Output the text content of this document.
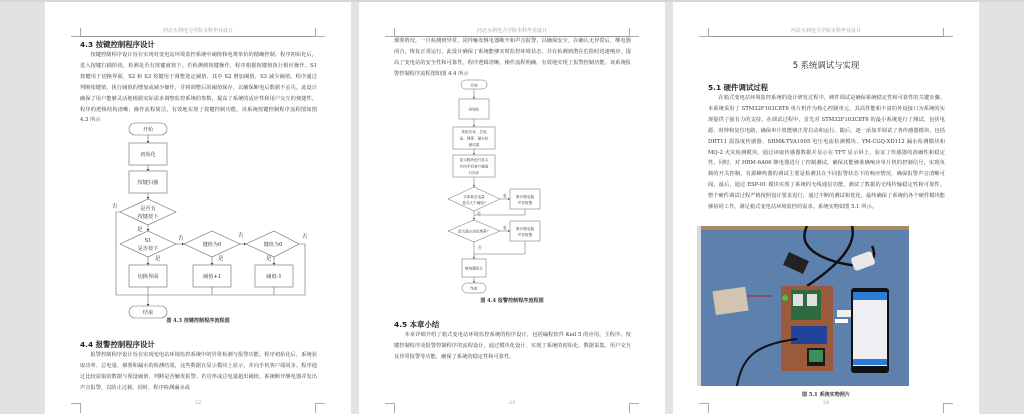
河北水利电力学院本科毕业设计
4.3 按键控制程序设计
按键控制程序设计旨在实现对变电站环境监控系统中阈值和电费单价的精确控制。程序初始化后，进入按键扫描阶段，检测是否有按键被按下。若检测到按键操作，程序根据按键值执行相应操作。S1 按键用于切换界面，S2 和 S3 按键用于调整选定阈值，其中 S2 增加阈值，S3 减少阈值。程序通过判断按键值，执行阈值的增加或减少操作，并将调整后的阈值保存，以确保断电后数据不丢失。此设计确保了用户能够灵活地根据实际需求调整监控系统的参数，提高了系统的适应性和用户交互的便捷性。程序的逻辑结构清晰，操作流程简洁，有效地实现了按键控制功能。该系统按键控制程序流程图如图 4.3 所示
开始
初始化
按键扫描
是否有
按键按下
S1
是否按下
键值为0	键值为0
切换界面	阈值+1	阈值-1
结束
否
是
否
是
否
是
否
是
图 4.3 按键控制程序流程图
4.4 报警控制程序设计
报警控制程序设计旨在实现变电站环境监控系统中的异常检测与报警功能。程序初始化后，系统获取功率、总电量、烟雾和漏水的检测结果，这些数据在显示模块上显示，并向手机客户端同步。程序通过比较获取的数据与预设阈值，判断是否触发报警。若功率或总电量超出阈值，系统断开继电器并发出声音报警，以防止过载。同时，程序检测漏水或
22
河北水利电力学院本科毕业设计
烟雾情况，一旦检测到异常，同样触发继电器断开和声音报警，以确保安全。在确认无异常后，继电器闭合，恢复正常运行。此设计确保了系统能够实时监控环境状态，并在检测到潜在危险时迅速响应，提高了变电站的安全性和可靠性。程序逻辑清晰，操作流程明确，有效地实现了报警控制功能。该系统报警控制程序流程图如图 4.4 所示
开始
初始化
获取功率、总电
量、烟雾、漏水检
测结果
显示模块进行显示
并向手机客户端进
行同步
功率和总电量
是否大于阈值?
断开继电器
声音报警
是否漏水或有烟雾？
断开继电器
声音报警
继电器闭合
结束
是
否
是
否
图 4.4 报警控制程序流程图
4.5 本章小结
本章详细介绍了箱式变电站环境监控系统的程序设计，包括编程软件 Keil 5 的应用，主程序、按键控制程序及报警控制程序的流程设计。通过模块化设计，实现了系统的初始化、数据采集、用户交互及异常报警等功能，确保了系统的稳定性和可靠性。
23
河北水利电力学院本科毕业设计
5 系统调试与实现
5.1 硬件调试过程
在箱式变电站环境监控系统的设计研发过程中，硬件调试是确保系统稳定性和可靠性的关键步骤。本系统采用了 STM32F103C8T6 单片机作为核心控制单元，其高性能和丰富的外设接口为系统的实现提供了强有力的支持。在调试过程中，首先对 STM32F103C8T6 的最小系统进行了测试，包括电源、时钟和复位电路，确保单片机能够正常启动和运行。随后，逐一添加并调试了各传感器模块，包括 DHT11 温湿度传感器、SHMK-TVA1005 电压电流检测模块、YM-CGQ-XD112 漏水检测模块和 MQ-2 火灾检测模块，通过读取传感器数据并显示在 TFT 显示屏上，验证了传感器的准确性和稳定性。同时，对 HRM-6A06 继电器进行了控制测试，确保其能够准确响应单片机的控制信号，实现负载的开关控制。有源蜂鸣器的调试主要是检测其在不同报警状态下的响应情况，确保报警声音清晰可闻。最后，通过 ESP-01 模块实现了系统的无线通信功能，测试了数据的无线传输稳定性和可靠性。整个硬件调试过程严格按照设计要求进行，通过不断的测试和优化，最终确保了系统的各个硬件模块能够协同工作，满足箱式变电站环境监控的需求。系统实物如图 5.1 所示。
图 5.1 系统实物照片
24
